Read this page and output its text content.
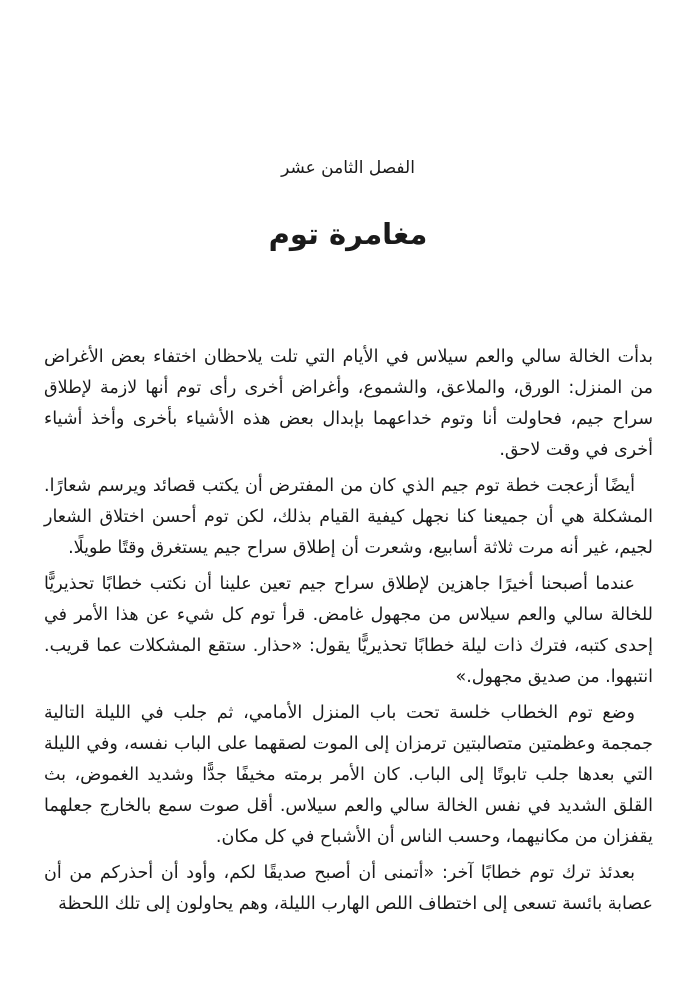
الفصل الثامن عشر
مغامرة توم

بدأت الخالة سالي والعم سيلاس في الأيام التي تلت يلاحظان اختفاء بعض الأغراض من المنزل: الورق، والملاعق، والشموع، وأغراض أخرى رأى توم أنها لازمة لإطلاق سراح جيم، فحاولت أنا وتوم خداعهما بإبدال بعض هذه الأشياء بأخرى وأخذ أشياء أخرى في وقت لاحق.

أيضًا أزعجت خطة توم جيم الذي كان من المفترض أن يكتب قصائد ويرسم شعارًا. المشكلة هي أن جميعنا كنا نجهل كيفية القيام بذلك، لكن توم أحسن اختلاق الشعار لجيم، غير أنه مرت ثلاثة أسابيع، وشعرت أن إطلاق سراح جيم يستغرق وقتًا طويلًا.

عندما أصبحنا أخيرًا جاهزين لإطلاق سراح جيم تعين علينا أن نكتب خطابًا تحذيريًّا للخالة سالي والعم سيلاس من مجهول غامض. قرأ توم كل شيء عن هذا الأمر في إحدى كتبه، فترك ذات ليلة خطابًا تحذيريًّا يقول: «حذار. ستقع المشكلات عما قريب. انتبهوا. من صديق مجهول.»

وضع توم الخطاب خلسة تحت باب المنزل الأمامي، ثم جلب في الليلة التالية جمجمة وعظمتين متصالبتين ترمزان إلى الموت لصقهما على الباب نفسه، وفي الليلة التي بعدها جلب تابوتًا إلى الباب. كان الأمر برمته مخيفًا جدًّا وشديد الغموض، بث القلق الشديد في نفس الخالة سالي والعم سيلاس. أقل صوت سمع بالخارج جعلهما يقفزان من مكانيهما، وحسب الناس أن الأشباح في كل مكان.

بعدئذ ترك توم خطابًا آخر: «أتمنى أن أصبح صديقًا لكم، وأود أن أحذركم من أن عصابة بائسة تسعى إلى اختطاف اللص الهارب الليلة، وهم يحاولون إلى تلك اللحظة
